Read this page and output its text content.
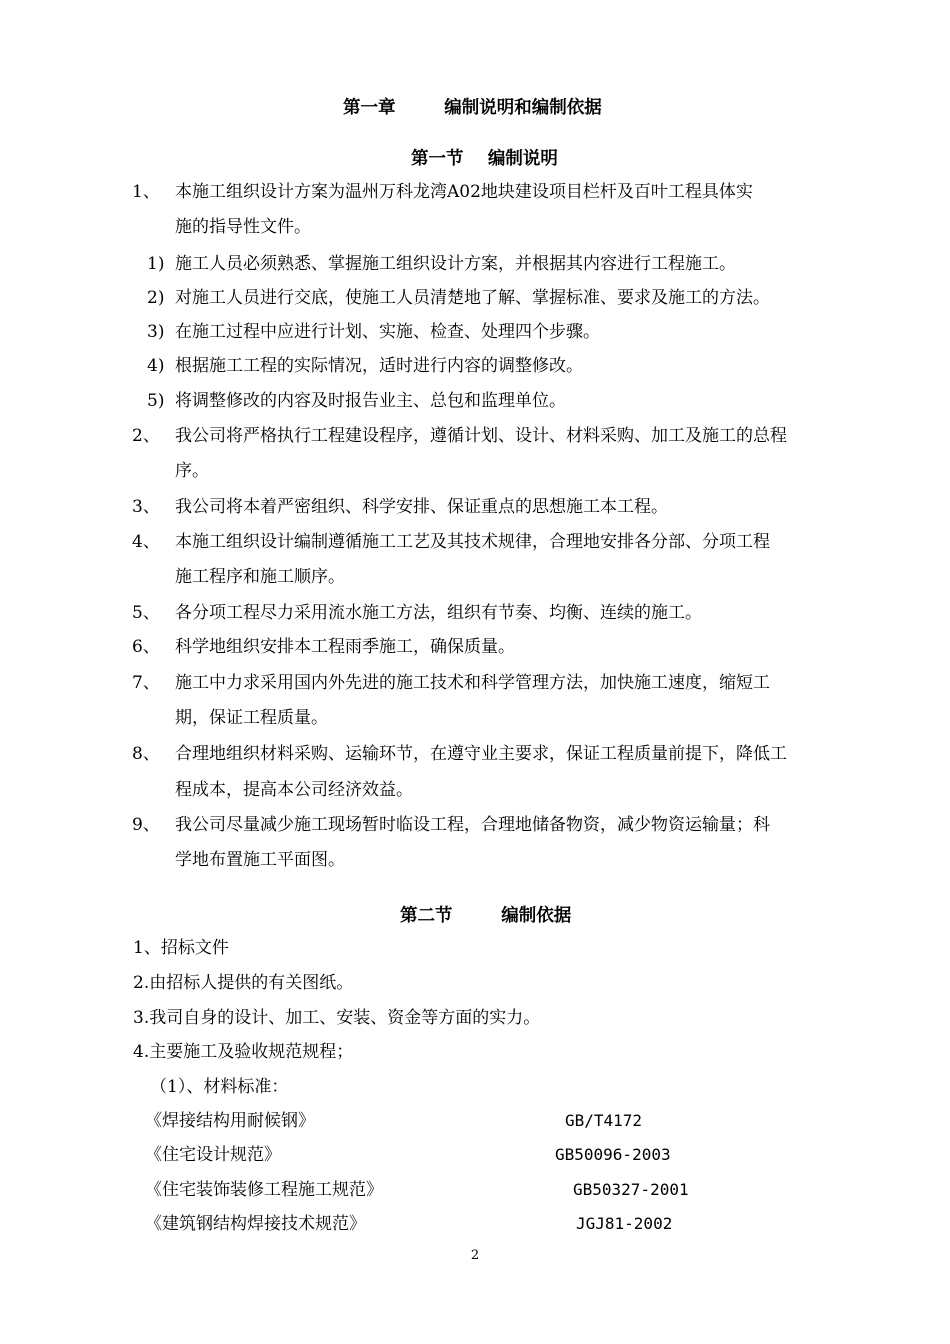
第一章        编制说明和编制依据
第一节    编制说明
1、 本施工组织设计方案为温州万科龙湾A02地块建设项目栏杆及百叶工程具体实
施的指导性文件。
1) 施工人员必须熟悉、掌握施工组织设计方案，并根据其内容进行工程施工。
2) 对施工人员进行交底，使施工人员清楚地了解、掌握标准、要求及施工的方法。
3) 在施工过程中应进行计划、实施、检查、处理四个步骤。
4) 根据施工工程的实际情况，适时进行内容的调整修改。
5) 将调整修改的内容及时报告业主、总包和监理单位。
2、 我公司将严格执行工程建设程序，遵循计划、设计、材料采购、加工及施工的总程
序。
3、 我公司将本着严密组织、科学安排、保证重点的思想施工本工程。
4、 本施工组织设计编制遵循施工工艺及其技术规律，合理地安排各分部、分项工程
施工程序和施工顺序。
5、 各分项工程尽力采用流水施工方法，组织有节奏、均衡、连续的施工。
6、 科学地组织安排本工程雨季施工，确保质量。
7、 施工中力求采用国内外先进的施工技术和科学管理方法，加快施工速度，缩短工
期，保证工程质量。
8、 合理地组织材料采购、运输环节，在遵守业主要求，保证工程质量前提下，降低工
程成本，提高本公司经济效益。
9、 我公司尽量减少施工现场暂时临设工程，合理地储备物资，减少物资运输量；科
学地布置施工平面图。
第二节        编制依据
1、招标文件
2.由招标人提供的有关图纸。
3.我司自身的设计、加工、安装、资金等方面的实力。
4.主要施工及验收规范规程；
（1）、材料标准：
《焊接结构用耐候钢》	GB/T4172
《住宅设计规范》	GB50096-2003
《住宅装饰装修工程施工规范》	GB50327-2001
《建筑钢结构焊接技术规范》	JGJ81-2002
2
